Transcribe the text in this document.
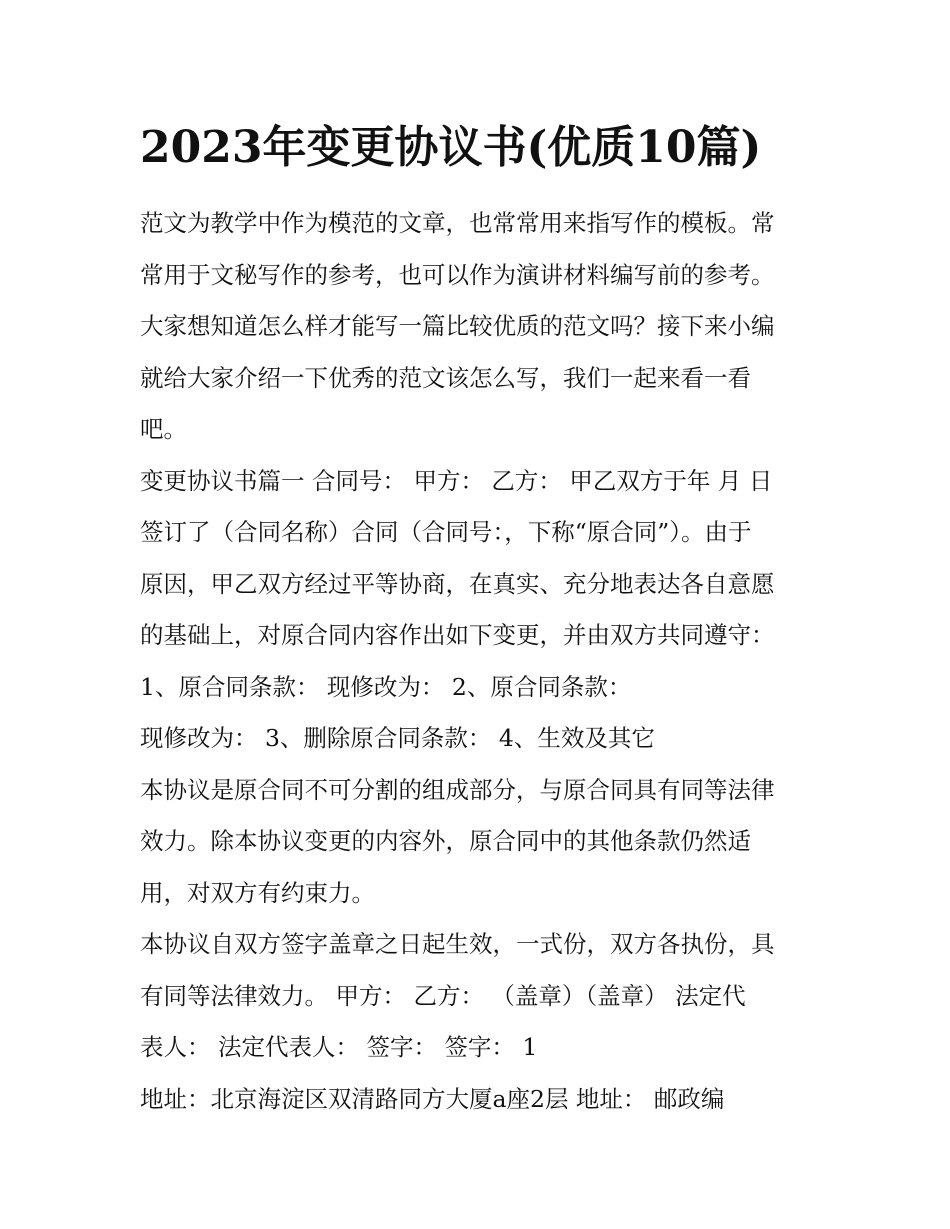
2023年变更协议书(优质10篇)

范文为教学中作为模范的文章，也常常用来指写作的模板。常

常用于文秘写作的参考，也可以作为演讲材料编写前的参考。

大家想知道怎么样才能写一篇比较优质的范文吗？接下来小编

就给大家介绍一下优秀的范文该怎么写，我们一起来看一看

吧。

变更协议书篇一 合同号： 甲方： 乙方： 甲乙双方于年 月 日

签订了（合同名称）合同（合同号：，下称“原合同”）。由于

原因，甲乙双方经过平等协商，在真实、充分地表达各自意愿

的基础上，对原合同内容作出如下变更，并由双方共同遵守：

1、原合同条款： 现修改为： 2、原合同条款：

现修改为： 3、删除原合同条款： 4、生效及其它

本协议是原合同不可分割的组成部分，与原合同具有同等法律

效力。除本协议变更的内容外，原合同中的其他条款仍然适

用，对双方有约束力。

本协议自双方签字盖章之日起生效，一式份，双方各执份，具

有同等法律效力。 甲方： 乙方： （盖章）（盖章） 法定代

表人： 法定代表人： 签字： 签字： 1

地址：北京海淀区双清路同方大厦a座2层 地址： 邮政编
